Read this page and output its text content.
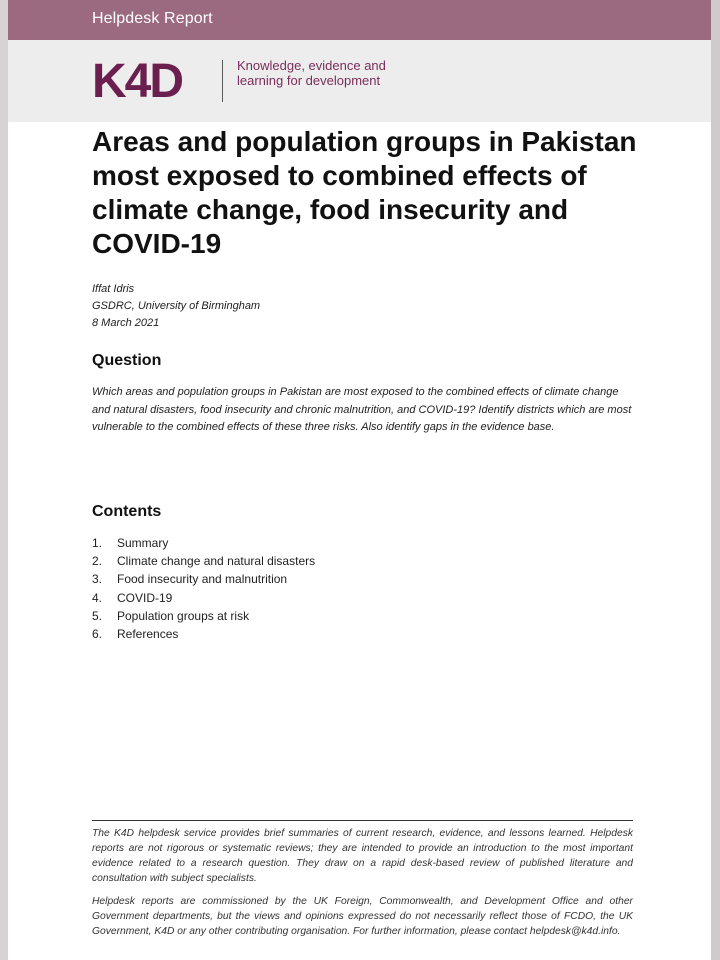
Helpdesk Report
K4D	Knowledge, evidence and learning for development
Areas and population groups in Pakistan most exposed to combined effects of climate change, food insecurity and COVID-19
Iffat Idris
GSDRC, University of Birmingham
8 March 2021
Question

Which areas and population groups in Pakistan are most exposed to the combined effects of climate change and natural disasters, food insecurity and chronic malnutrition, and COVID-19? Identify districts which are most vulnerable to the combined effects of these three risks. Also identify gaps in the evidence base.

Contents
1.	Summary
2.	Climate change and natural disasters
3.	Food insecurity and malnutrition
4.	COVID-19
5.	Population groups at risk
6.	References

The K4D helpdesk service provides brief summaries of current research, evidence, and lessons learned. Helpdesk reports are not rigorous or systematic reviews; they are intended to provide an introduction to the most important evidence related to a research question. They draw on a rapid desk-based review of published literature and consultation with subject specialists.

Helpdesk reports are commissioned by the UK Foreign, Commonwealth, and Development Office and other Government departments, but the views and opinions expressed do not necessarily reflect those of FCDO, the UK Government, K4D or any other contributing organisation. For further information, please contact helpdesk@k4d.info.
